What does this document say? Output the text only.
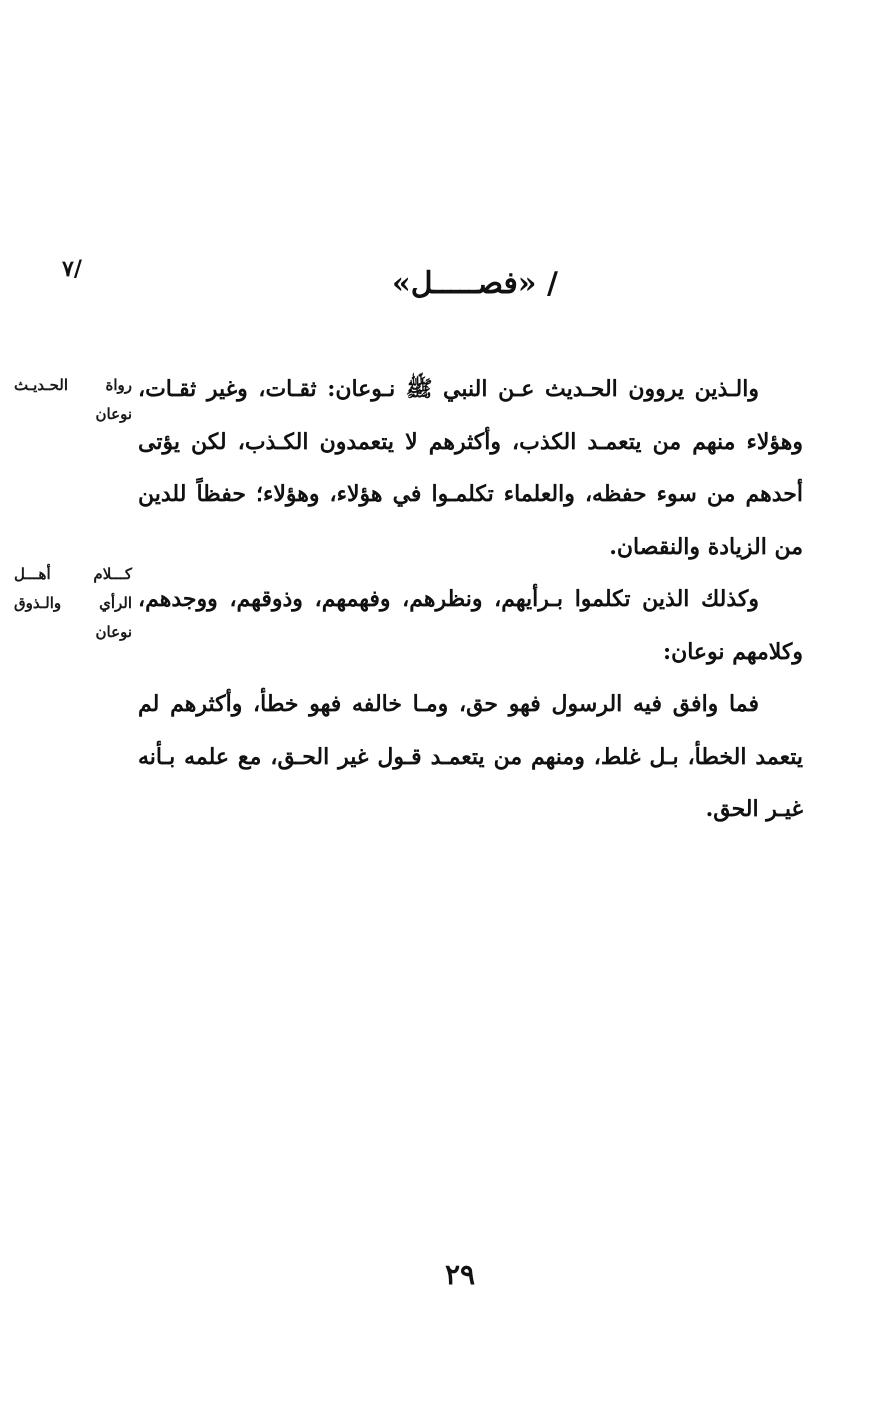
٧/	/ «فصـــــل»

والـذين يروون الحـديث عـن النبي ﷺ نـوعان: ثقـات، وغير ثقـات، وهؤلاء منهم من يتعمـد الكذب، وأكثرهم لا يتعمدون الكـذب، لكن يؤتى أحدهم من سوء حفظه، والعلماء تكلمـوا في هؤلاء، وهؤلاء؛ حفظاً للدين من الزيادة والنقصان.

وكذلك الذين تكلموا بـرأيهم، ونظرهم، وفهمهم، وذوقهم، ووجدهم، وكلامهم نوعان:

فما وافق فيه الرسول فهو حق، ومـا خالفه فهو خطأ، وأكثرهم لم يتعمد الخطأ، بـل غلط، ومنهم من يتعمـد قـول غير الحـق، مع علمه بـأنه غيـر الحق.

رواة الحـديـث نوعان
كـــلام أهـــل الرأي والـذوق نوعان
٢٩
